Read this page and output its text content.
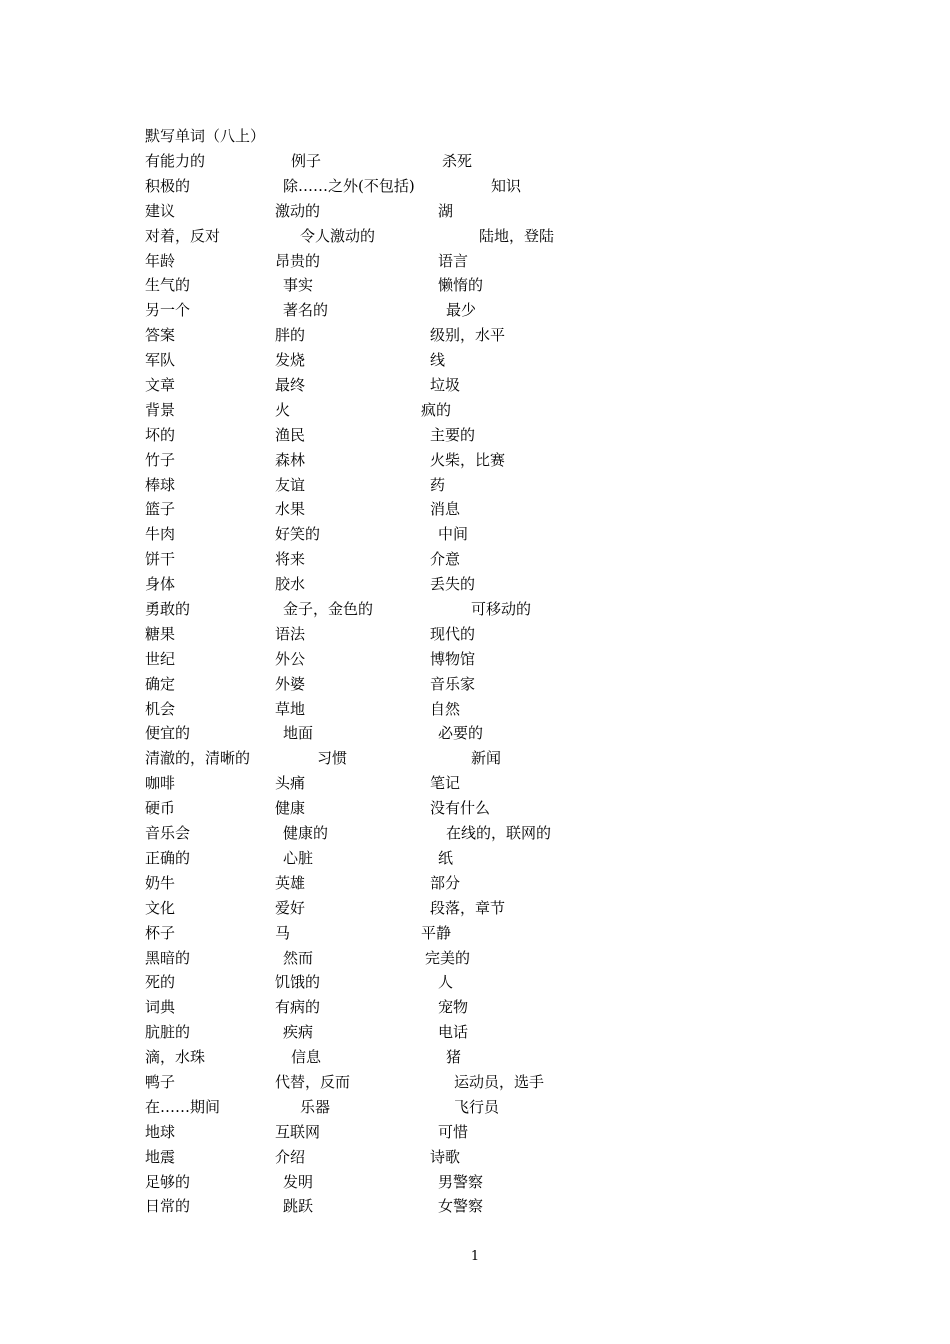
默写单词（八上）
有能力的	例子	杀死
积极的	除……之外(不包括)	知识
建议	激动的	湖
对着，反对	令人激动的	陆地，登陆
年龄	昂贵的	语言
生气的	事实	懒惰的
另一个	著名的	最少
答案	胖的	级别，水平
军队	发烧	线
文章	最终	垃圾
背景	火	疯的
坏的	渔民	主要的
竹子	森林	火柴，比赛
棒球	友谊	药
篮子	水果	消息
牛肉	好笑的	中间
饼干	将来	介意
身体	胶水	丢失的
勇敢的	金子，金色的	可移动的
糖果	语法	现代的
世纪	外公	博物馆
确定	外婆	音乐家
机会	草地	自然
便宜的	地面	必要的
清澈的，清晰的	习惯	新闻
咖啡	头痛	笔记
硬币	健康	没有什么
音乐会	健康的	在线的，联网的
正确的	心脏	纸
奶牛	英雄	部分
文化	爱好	段落，章节
杯子	马	平静
黑暗的	然而	完美的
死的	饥饿的	人
词典	有病的	宠物
肮脏的	疾病	电话
滴，水珠	信息	猪
鸭子	代替，反而	运动员，选手
在……期间	乐器	飞行员
地球	互联网	可惜
地震	介绍	诗歌
足够的	发明	男警察
日常的	跳跃	女警察
1
